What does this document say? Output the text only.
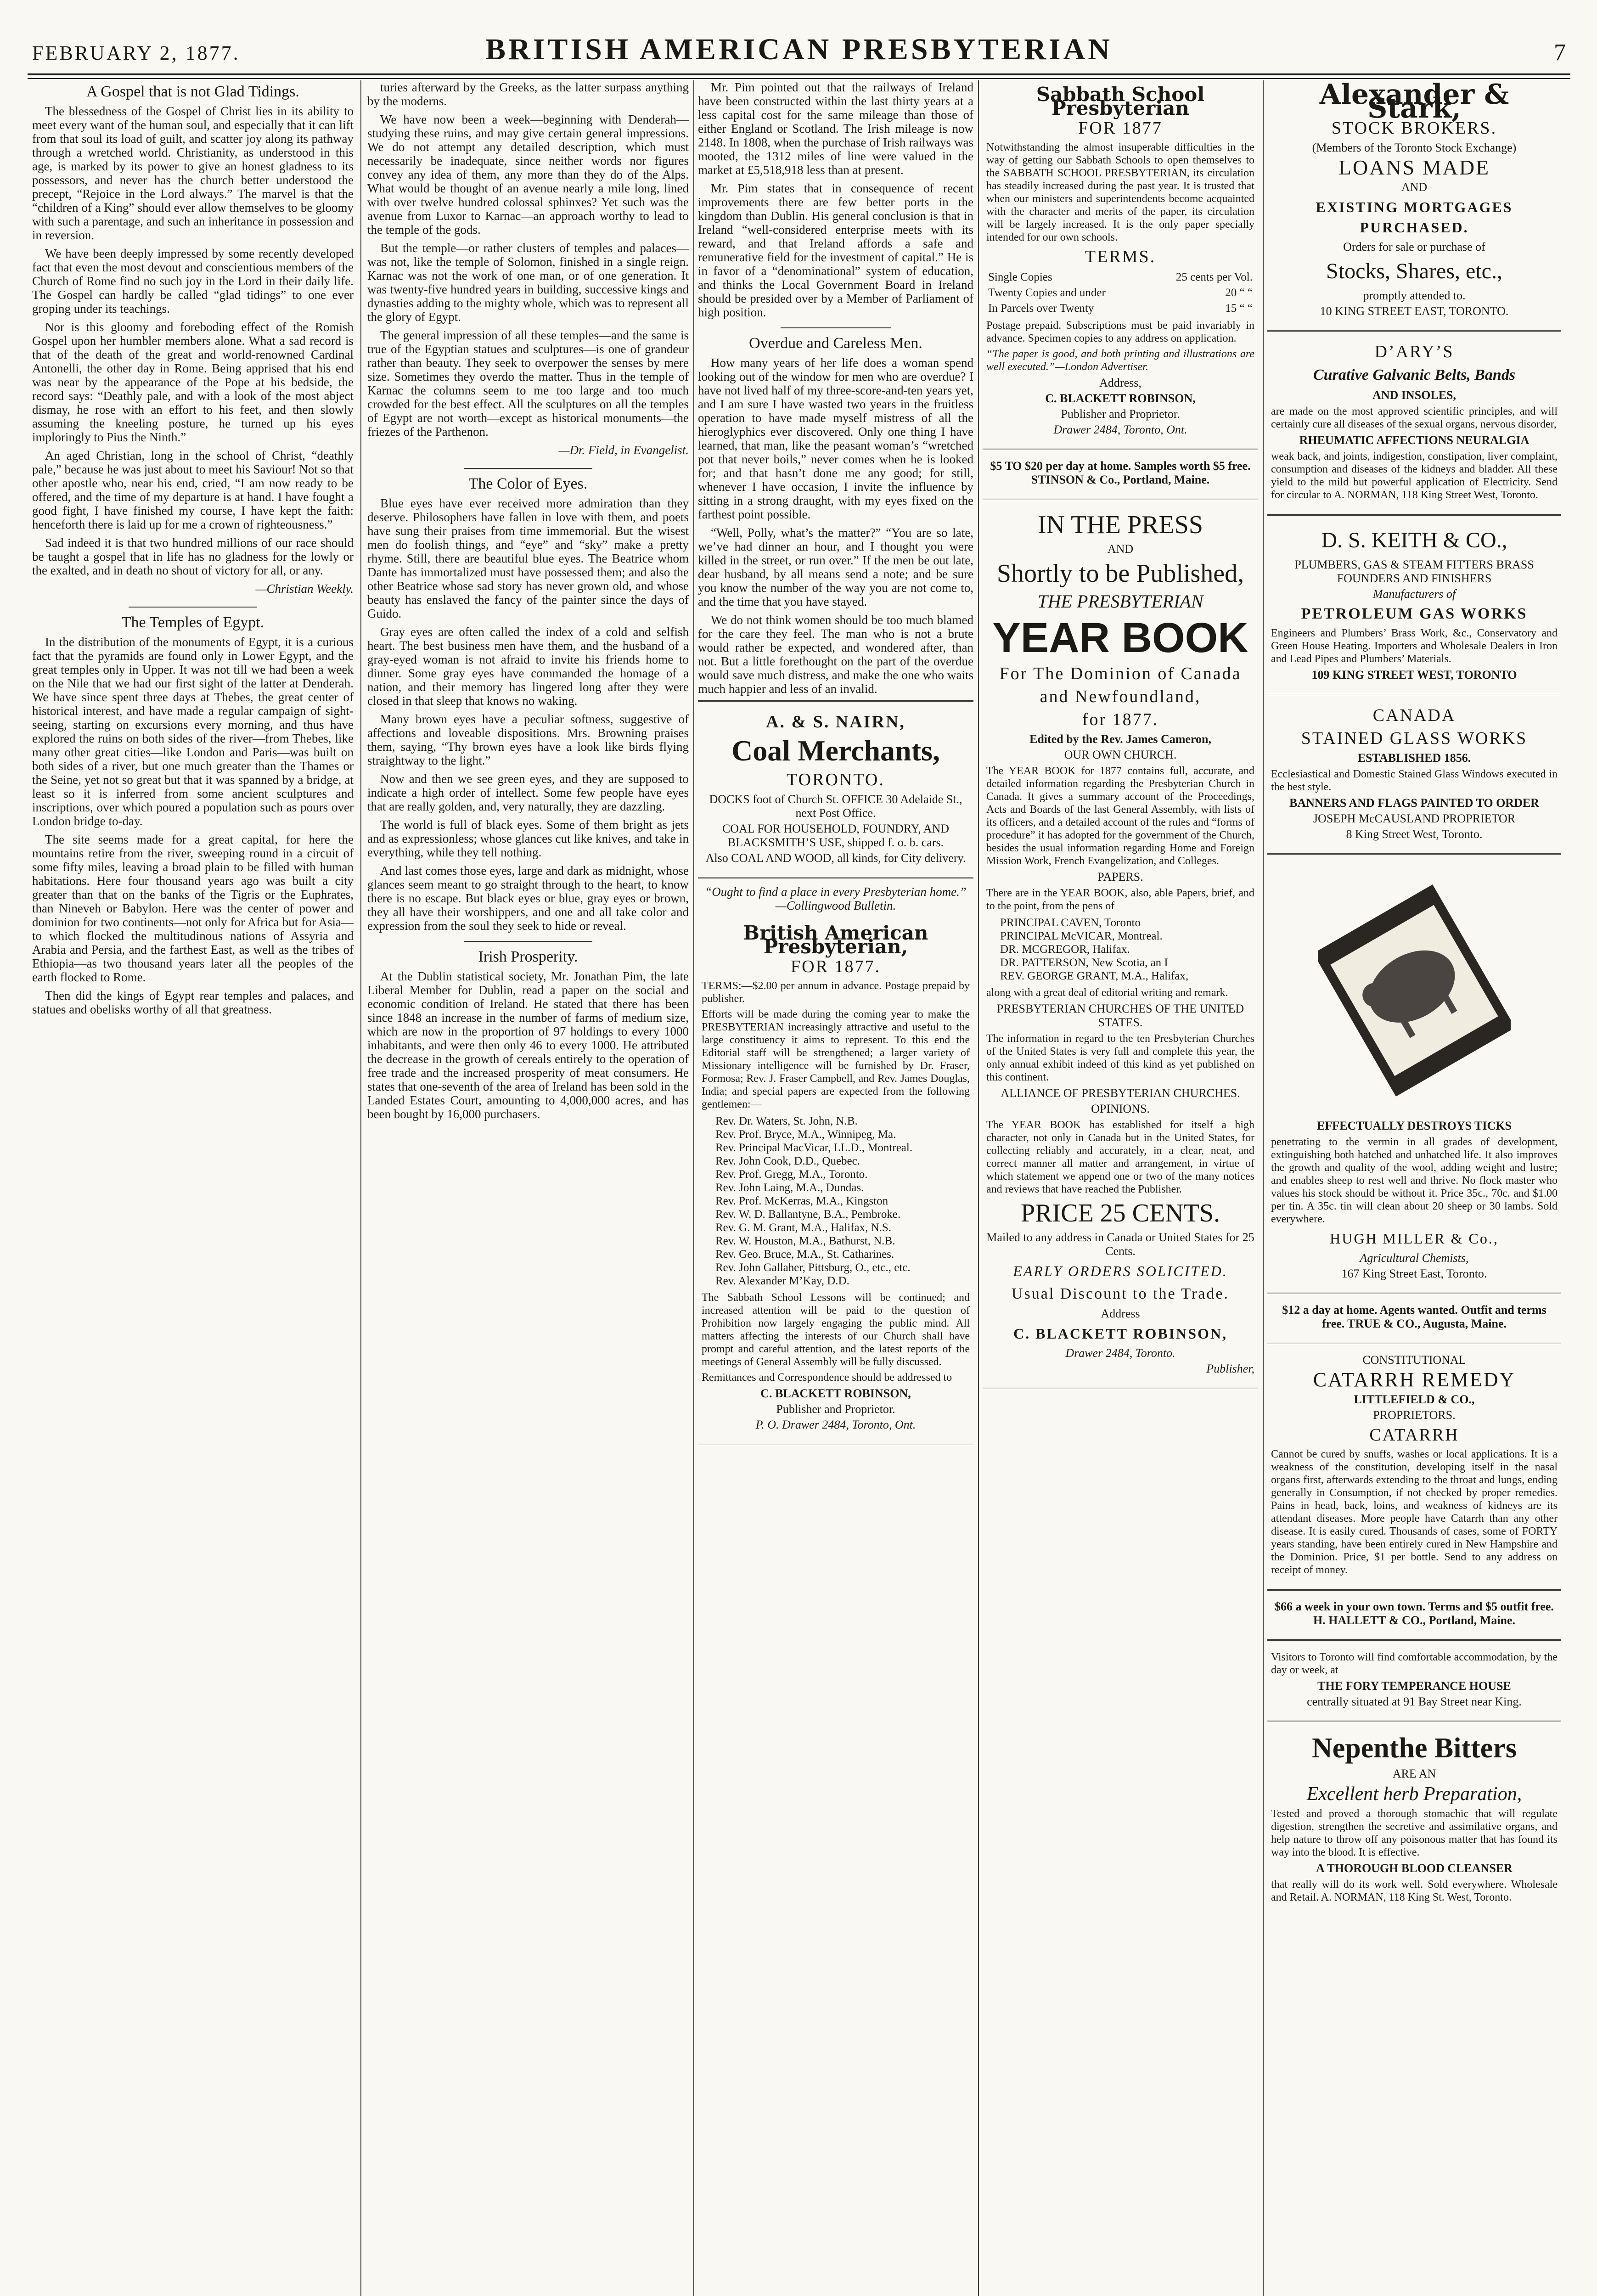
FEBRUARY 2, 1877.	BRITISH AMERICAN PRESBYTERIAN	7
A Gospel that is not Glad Tidings.

The blessedness of the Gospel of Christ lies in its ability to meet every want of the human soul, and especially that it can lift from that soul its load of guilt, and scatter joy along its pathway through a wretched world. Christianity, as understood in this age, is marked by its power to give an honest gladness to its possessors, and never has the church better understood the precept, “Rejoice in the Lord always.” The marvel is that the “children of a King” should ever allow themselves to be gloomy with such a parentage, and such an inheritance in possession and in reversion.

We have been deeply impressed by some recently developed fact that even the most devout and conscientious members of the Church of Rome find no such joy in the Lord in their daily life. The Gospel can hardly be called “glad tidings” to one ever groping under its teachings.

Nor is this gloomy and foreboding effect of the Romish Gospel upon her humbler members alone. What a sad record is that of the death of the great and world-renowned Cardinal Antonelli, the other day in Rome. Being apprised that his end was near by the appearance of the Pope at his bedside, the record says: “Deathly pale, and with a look of the most abject dismay, he rose with an effort to his feet, and then slowly assuming the kneeling posture, he turned up his eyes imploringly to Pius the Ninth.”

An aged Christian, long in the school of Christ, “deathly pale,” because he was just about to meet his Saviour! Not so that other apostle who, near his end, cried, “I am now ready to be offered, and the time of my departure is at hand. I have fought a good fight, I have finished my course, I have kept the faith: henceforth there is laid up for me a crown of righteousness.”

Sad indeed it is that two hundred millions of our race should be taught a gospel that in life has no gladness for the lowly or the exalted, and in death no shout of victory for all, or any.

—Christian Weekly.
The Temples of Egypt.

In the distribution of the monuments of Egypt, it is a curious fact that the pyramids are found only in Lower Egypt, and the great temples only in Upper. It was not till we had been a week on the Nile that we had our first sight of the latter at Denderah. We have since spent three days at Thebes, the great center of historical interest, and have made a regular campaign of sight-seeing, starting on excursions every morning, and thus have explored the ruins on both sides of the river—from Thebes, like many other great cities—like London and Paris—was built on both sides of a river, but one much greater than the Thames or the Seine, yet not so great but that it was spanned by a bridge, at least so it is inferred from some ancient sculptures and inscriptions, over which poured a population such as pours over London bridge to-day.

The site seems made for a great capital, for here the mountains retire from the river, sweeping round in a circuit of some fifty miles, leaving a broad plain to be filled with human habitations. Here four thousand years ago was built a city greater than that on the banks of the Tigris or the Euphrates, than Nineveh or Babylon. Here was the center of power and dominion for two continents—not only for Africa but for Asia—to which flocked the multitudinous nations of Assyria and Arabia and Persia, and the farthest East, as well as the tribes of Ethiopia—as two thousand years later all the peoples of the earth flocked to Rome.

Then did the kings of Egypt rear temples and palaces, and statues and obelisks worthy of all that greatness.

turies afterward by the Greeks, as the latter surpass anything by the moderns.

We have now been a week—beginning with Denderah—studying these ruins, and may give certain general impressions. We do not attempt any detailed description, which must necessarily be inadequate, since neither words nor figures convey any idea of them, any more than they do of the Alps. What would be thought of an avenue nearly a mile long, lined with over twelve hundred colossal sphinxes? Yet such was the avenue from Luxor to Karnac—an approach worthy to lead to the temple of the gods.

But the temple—or rather clusters of temples and palaces—was not, like the temple of Solomon, finished in a single reign. Karnac was not the work of one man, or of one generation. It was twenty-five hundred years in building, successive kings and dynasties adding to the mighty whole, which was to represent all the glory of Egypt.

The general impression of all these temples—and the same is true of the Egyptian statues and sculptures—is one of grandeur rather than beauty. They seek to overpower the senses by mere size. Sometimes they overdo the matter. Thus in the temple of Karnac the columns seem to me too large and too much crowded for the best effect. All the sculptures on all the temples of Egypt are not worth—except as historical monuments—the friezes of the Parthenon.

—Dr. Field, in Evangelist.
The Color of Eyes.

Blue eyes have ever received more admiration than they deserve. Philosophers have fallen in love with them, and poets have sung their praises from time immemorial. But the wisest men do foolish things, and “eye” and “sky” make a pretty rhyme. Still, there are beautiful blue eyes. The Beatrice whom Dante has immortalized must have possessed them; and also the other Beatrice whose sad story has never grown old, and whose beauty has enslaved the fancy of the painter since the days of Guido.

Gray eyes are often called the index of a cold and selfish heart. The best business men have them, and the husband of a gray-eyed woman is not afraid to invite his friends home to dinner. Some gray eyes have commanded the homage of a nation, and their memory has lingered long after they were closed in that sleep that knows no waking.

Many brown eyes have a peculiar softness, suggestive of affections and loveable dispositions. Mrs. Browning praises them, saying, “Thy brown eyes have a look like birds flying straightway to the light.”

Now and then we see green eyes, and they are supposed to indicate a high order of intellect. Some few people have eyes that are really golden, and, very naturally, they are dazzling.

The world is full of black eyes. Some of them bright as jets and as expressionless; whose glances cut like knives, and take in everything, while they tell nothing.

And last comes those eyes, large and dark as midnight, whose glances seem meant to go straight through to the heart, to know there is no escape. But black eyes or blue, gray eyes or brown, they all have their worshippers, and one and all take color and expression from the soul they seek to hide or reveal.

Irish Prosperity.

At the Dublin statistical society, Mr. Jonathan Pim, the late Liberal Member for Dublin, read a paper on the social and economic condition of Ireland. He stated that there has been since 1848 an increase in the number of farms of medium size, which are now in the proportion of 97 holdings to every 1000 inhabitants, and were then only 46 to every 1000. He attributed the decrease in the growth of cereals entirely to the operation of free trade and the increased prosperity of meat consumers. He states that one-seventh of the area of Ireland has been sold in the Landed Estates Court, amounting to 4,000,000 acres, and has been bought by 16,000 purchasers.

Mr. Pim pointed out that the railways of Ireland have been constructed within the last thirty years at a less capital cost for the same mileage than those of either England or Scotland. The Irish mileage is now 2148. In 1808, when the purchase of Irish railways was mooted, the 1312 miles of line were valued in the market at £5,518,918 less than at present.

Mr. Pim states that in consequence of recent improvements there are few better ports in the kingdom than Dublin. His general conclusion is that in Ireland “well-considered enterprise meets with its reward, and that Ireland affords a safe and remunerative field for the investment of capital.” He is in favor of a “denominational” system of education, and thinks the Local Government Board in Ireland should be presided over by a Member of Parliament of high position.

Overdue and Careless Men.

How many years of her life does a woman spend looking out of the window for men who are overdue? I have not lived half of my three-score-and-ten years yet, and I am sure I have wasted two years in the fruitless operation to have made myself mistress of all the hieroglyphics ever discovered. Only one thing I have learned, that man, like the peasant woman’s “wretched pot that never boils,” never comes when he is looked for; and that hasn’t done me any good; for still, whenever I have occasion, I invite the influence by sitting in a strong draught, with my eyes fixed on the farthest point possible.

“Well, Polly, what’s the matter?” “You are so late, we’ve had dinner an hour, and I thought you were killed in the street, or run over.” If the men be out late, dear husband, by all means send a note; and be sure you know the number of the way you are not come to, and the time that you have stayed.

We do not think women should be too much blamed for the care they feel. The man who is not a brute would rather be expected, and wondered after, than not. But a little forethought on the part of the overdue would save much distress, and make the one who waits much happier and less of an invalid.

A. & S. NAIRN,
Coal Merchants,
TORONTO.
DOCKS foot of Church St. OFFICE 30 Adelaide St., next Post Office.
COAL FOR HOUSEHOLD, FOUNDRY, AND BLACKSMITH’S USE, shipped f. o. b. cars.
Also COAL AND WOOD, all kinds, for City delivery.
“Ought to find a place in every Presbyterian home.” —Collingwood Bulletin.
British American Presbyterian,
FOR 1877.
TERMS:—$2.00 per annum in advance. Postage prepaid by publisher.
Efforts will be made during the coming year to make the PRESBYTERIAN increasingly attractive and useful to the large constituency it aims to represent. To this end the Editorial staff will be strengthened; a larger variety of Missionary intelligence will be furnished by Dr. Fraser, Formosa; Rev. J. Fraser Campbell, and Rev. James Douglas, India; and special papers are expected from the following gentlemen:—
Rev. Dr. Waters, St. John, N.B.
Rev. Prof. Bryce, M.A., Winnipeg, Ma.
Rev. Principal MacVicar, LL.D., Montreal.
Rev. John Cook, D.D., Quebec.
Rev. Prof. Gregg, M.A., Toronto.
Rev. John Laing, M.A., Dundas.
Rev. Prof. McKerras, M.A., Kingston
Rev. W. D. Ballantyne, B.A., Pembroke.
Rev. G. M. Grant, M.A., Halifax, N.S.
Rev. W. Houston, M.A., Bathurst, N.B.
Rev. Geo. Bruce, M.A., St. Catharines.
Rev. John Gallaher, Pittsburg, O., etc., etc.
Rev. Alexander M’Kay, D.D.
The Sabbath School Lessons will be continued; and increased attention will be paid to the question of Prohibition now largely engaging the public mind. All matters affecting the interests of our Church shall have prompt and careful attention, and the latest reports of the meetings of General Assembly will be fully discussed.
Remittances and Correspondence should be addressed to
C. BLACKETT ROBINSON,
Publisher and Proprietor.
P. O. Drawer 2484, Toronto, Ont.
Sabbath School Presbyterian
FOR 1877
Notwithstanding the almost insuperable difficulties in the way of getting our Sabbath Schools to open themselves to the SABBATH SCHOOL PRESBYTERIAN, its circulation has steadily increased during the past year. It is trusted that when our ministers and superintendents become acquainted with the character and merits of the paper, its circulation will be largely increased. It is the only paper specially intended for our own schools.
TERMS.
Single Copies	25 cents per Vol.
Twenty Copies and under	20 “ “
In Parcels over Twenty	15 “ “
Postage prepaid. Subscriptions must be paid invariably in advance. Specimen copies to any address on application.
“The paper is good, and both printing and illustrations are well executed.”—London Advertiser.
Address,
C. BLACKETT ROBINSON,
Publisher and Proprietor.
Drawer 2484, Toronto, Ont.
$5 TO $20 per day at home. Samples worth $5 free. STINSON & Co., Portland, Maine.
IN THE PRESS
AND
Shortly to be Published,
THE PRESBYTERIAN
YEAR BOOK
For The Dominion of Canada
and Newfoundland,
for 1877.
Edited by the Rev. James Cameron,
OUR OWN CHURCH.
The YEAR BOOK for 1877 contains full, accurate, and detailed information regarding the Presbyterian Church in Canada. It gives a summary account of the Proceedings, Acts and Boards of the last General Assembly, with lists of its officers, and a detailed account of the rules and “forms of procedure” it has adopted for the government of the Church, besides the usual information regarding Home and Foreign Mission Work, French Evangelization, and Colleges.
PAPERS.
There are in the YEAR BOOK, also, able Papers, brief, and to the point, from the pens of
PRINCIPAL CAVEN, Toronto
PRINCIPAL McVICAR, Montreal.
DR. MCGREGOR, Halifax.
DR. PATTERSON, New Scotia, an I
REV. GEORGE GRANT, M.A., Halifax,
along with a great deal of editorial writing and remark.
PRESBYTERIAN CHURCHES OF THE UNITED STATES.
The information in regard to the ten Presbyterian Churches of the United States is very full and complete this year, the only annual exhibit indeed of this kind as yet published on this continent.
ALLIANCE OF PRESBYTERIAN CHURCHES.
OPINIONS.
The YEAR BOOK has established for itself a high character, not only in Canada but in the United States, for collecting reliably and accurately, in a clear, neat, and correct manner all matter and arrangement, in virtue of which statement we append one or two of the many notices and reviews that have reached the Publisher.
PRICE 25 CENTS.
Mailed to any address in Canada or United States for 25 Cents.
EARLY ORDERS SOLICITED.
Usual Discount to the Trade.
Address
C. BLACKETT ROBINSON,
Drawer 2484, Toronto.
Publisher,
Alexander & Stark,
STOCK BROKERS.
(Members of the Toronto Stock Exchange)
LOANS MADE
AND
EXISTING MORTGAGES PURCHASED.
Orders for sale or purchase of
Stocks, Shares, etc.,
promptly attended to.
10 KING STREET EAST, TORONTO.
D’ARY’S
Curative Galvanic Belts, Bands
AND INSOLES,
are made on the most approved scientific principles, and will certainly cure all diseases of the sexual organs, nervous disorder,
RHEUMATIC AFFECTIONS NEURALGIA
weak back, and joints, indigestion, constipation, liver complaint, consumption and diseases of the kidneys and bladder. All these yield to the mild but powerful application of Electricity. Send for circular to A. NORMAN, 118 King Street West, Toronto.
D. S. KEITH & CO.,
PLUMBERS, GAS & STEAM FITTERS BRASS FOUNDERS AND FINISHERS
Manufacturers of
PETROLEUM GAS WORKS
Engineers and Plumbers’ Brass Work, &c., Conservatory and Green House Heating. Importers and Wholesale Dealers in Iron and Lead Pipes and Plumbers’ Materials.
109 KING STREET WEST, TORONTO
CANADA
STAINED GLASS WORKS
ESTABLISHED 1856.
Ecclesiastical and Domestic Stained Glass Windows executed in the best style.
BANNERS AND FLAGS PAINTED TO ORDER
JOSEPH McCAUSLAND PROPRIETOR
8 King Street West, Toronto.
EFFECTUALLY DESTROYS TICKS
penetrating to the vermin in all grades of development, extinguishing both hatched and unhatched life. It also improves the growth and quality of the wool, adding weight and lustre; and enables sheep to rest well and thrive. No flock master who values his stock should be without it. Price 35c., 70c. and $1.00 per tin. A 35c. tin will clean about 20 sheep or 30 lambs. Sold everywhere.
HUGH MILLER & Co.,
Agricultural Chemists,
167 King Street East, Toronto.
$12 a day at home. Agents wanted. Outfit and terms free. TRUE & CO., Augusta, Maine.
CONSTITUTIONAL
CATARRH REMEDY
LITTLEFIELD & CO.,
PROPRIETORS.
CATARRH
Cannot be cured by snuffs, washes or local applications. It is a weakness of the constitution, developing itself in the nasal organs first, afterwards extending to the throat and lungs, ending generally in Consumption, if not checked by proper remedies. Pains in head, back, loins, and weakness of kidneys are its attendant diseases. More people have Catarrh than any other disease. It is easily cured. Thousands of cases, some of FORTY years standing, have been entirely cured in New Hampshire and the Dominion. Price, $1 per bottle. Send to any address on receipt of money.
$66 a week in your own town. Terms and $5 outfit free. H. HALLETT & CO., Portland, Maine.
Visitors to Toronto will find comfortable accommodation, by the day or week, at
THE FORY TEMPERANCE HOUSE
centrally situated at 91 Bay Street near King.
Nepenthe Bitters
ARE AN
Excellent herb Preparation,
Tested and proved a thorough stomachic that will regulate digestion, strengthen the secretive and assimilative organs, and help nature to throw off any poisonous matter that has found its way into the blood. It is effective.
A THOROUGH BLOOD CLEANSER
that really will do its work well. Sold everywhere. Wholesale and Retail. A. NORMAN, 118 King St. West, Toronto.
